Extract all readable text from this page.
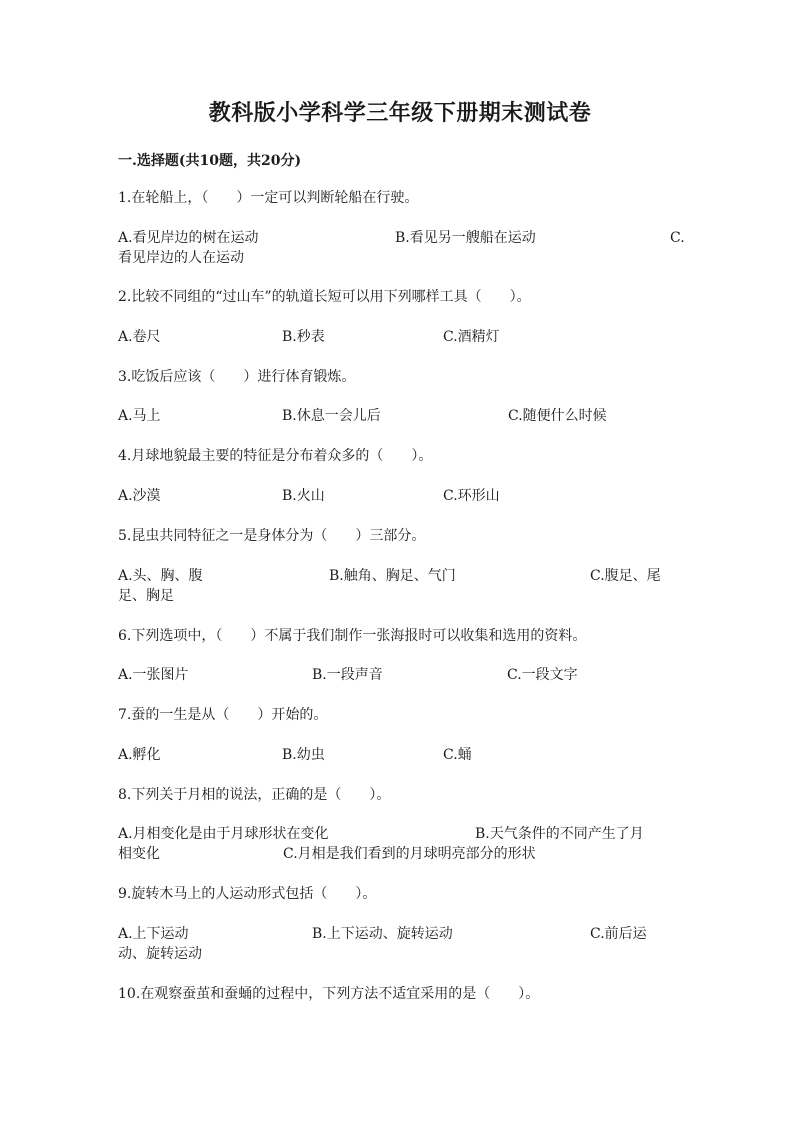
教科版小学科学三年级下册期末测试卷
一.选择题(共10题，共20分)
1.在轮船上，（　　）一定可以判断轮船在行驶。
A.看见岸边的树在运动	B.看见另一艘船在运动	C.
看见岸边的人在运动
2.比较不同组的“过山车”的轨道长短可以用下列哪样工具（　　）。
A.卷尺	B.秒表	C.酒精灯
3.吃饭后应该（　　）进行体育锻炼。
A.马上	B.休息一会儿后	C.随便什么时候
4.月球地貌最主要的特征是分布着众多的（　　）。
A.沙漠	B.火山	C.环形山
5.昆虫共同特征之一是身体分为（　　）三部分。
A.头、胸、腹	B.触角、胸足、气门	C.腹足、尾
足、胸足
6.下列选项中，（　　）不属于我们制作一张海报时可以收集和选用的资料。
A.一张图片	B.一段声音	C.一段文字
7.蚕的一生是从（　　）开始的。
A.孵化	B.幼虫	C.蛹
8.下列关于月相的说法，正确的是（　　）。
A.月相变化是由于月球形状在变化	B.天气条件的不同产生了月
相变化	C.月相是我们看到的月球明亮部分的形状
9.旋转木马上的人运动形式包括（　　）。
A.上下运动	B.上下运动、旋转运动	C.前后运
动、旋转运动
10.在观察蚕茧和蚕蛹的过程中，下列方法不适宜采用的是（　　）。
